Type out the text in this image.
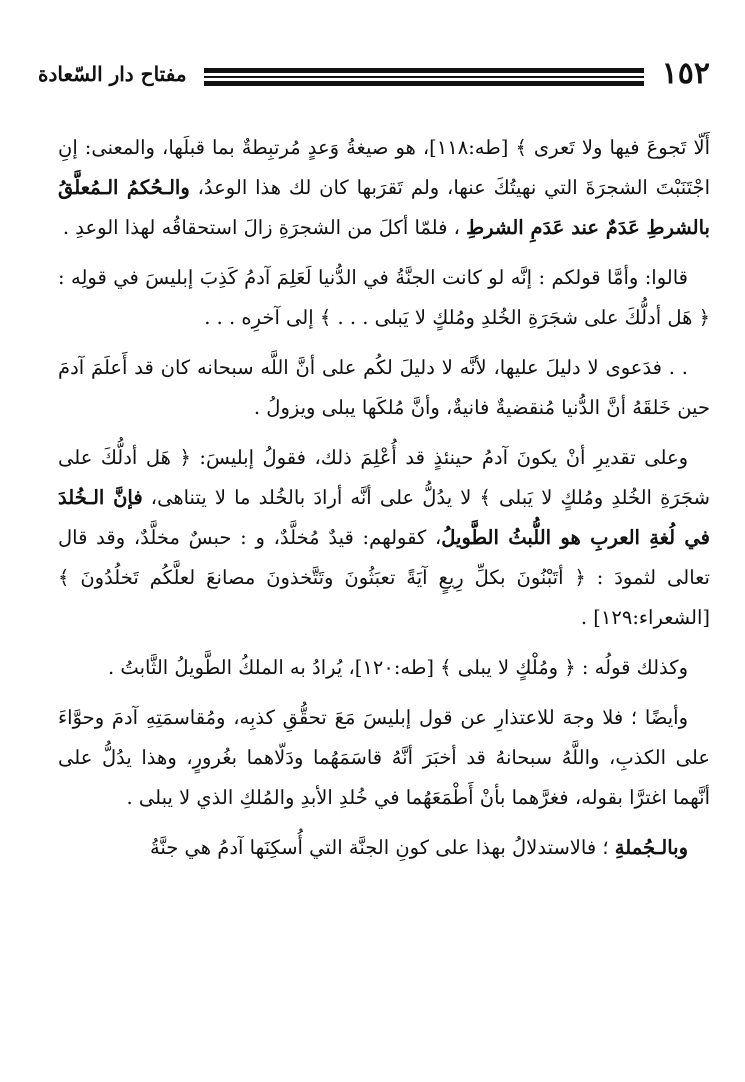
١٥٢
مفتاح دار السّعادة

أَلّا تَجوعَ فيها ولا تَعرى ﴾ [طه:١١٨]، هو صيغةُ وَعدٍ مُرتبِطةٌ بما قبلَها، والمعنى: إنِ اجْتَنَبْتَ الشجرَةَ التي نهيتُكَ عنها، ولم تَقرَبها كان لك هذا الوعدُ، والـحُكمُ الـمُعلَّقُ بالشرطِ عَدَمٌ عند عَدَمِ الشرطِ ، فلمّا أكلَ من الشجرَةِ زالَ استحقاقُه لهذا الوعدِ .

قالوا: وأمَّا قولكم : إنَّه لو كانت الجنَّةُ في الدُّنيا لَعَلِمَ آدمُ كَذِبَ إبليسَ في قولِه : ﴿ هَل أدلُّكَ على شجَرَةِ الخُلدِ ومُلكٍ لا يَبلى . . . ﴾ إلى آخرِه . . .

. . فدَعوى لا دليلَ عليها، لأنَّه لا دليلَ لكُم على أنَّ اللَّه سبحانه كان قد أَعلَمَ آدمَ حين خَلقَهُ أنَّ الدُّنيا مُنقضيةٌ فانيةٌ، وأنَّ مُلكَها يبلى ويزولُ .

وعلى تقديرِ أنْ يكونَ آدمُ حينئذٍ قد أُعْلِمَ ذلك، فقولُ إبليسَ: ﴿ هَل أدلُّكَ على شجَرَةِ الخُلدِ ومُلكٍ لا يَبلى ﴾ لا يدُلُّ على أنَّه أرادَ بالخُلد ما لا يتناهى، فإنَّ الـخُلدَ في لُغةِ العربِ هو اللُّبثُ الطَّويلُ، كقولهم: قيدٌ مُخلَّدٌ، و : حبسٌ مخلَّدٌ، وقد قال تعالى لثمودَ : ﴿ أتَبْنُونَ بكلِّ رِيعٍ آيَةً تعبَثُونَ وتَتَّخذونَ مصانعَ لعلَّكُم تَخلُدُونَ ﴾ [الشعراء:١٢٩] .

وكذلك قولُه : ﴿ ومُلْكٍ لا يبلى ﴾ [طه:١٢٠]، يُرادُ به الملكُ الطَّويلُ الثَّابتُ .

وأيضًا ؛ فلا وجهَ للاعتذارِ عن قول إبليسَ مَعَ تحقُّقِ كذبِه، ومُقاسمَتِهِ آدمَ وحوَّاءَ على الكذبِ، واللَّهُ سبحانهُ قد أخبَرَ أنَّهُ قاسَمَهُما ودَلّاهما بغُرورٍ، وهذا يدُلُّ على أنَّهما اغترَّا بقوله، فغرَّهما بأنْ أَطْمَعَهُما في خُلدِ الأبدِ والمُلكِ الذي لا يبلى .

وبالـجُملةِ ؛ فالاستدلالُ بهذا على كونِ الجنَّة التي أُسكِنَها آدمُ هي جنَّةُ
